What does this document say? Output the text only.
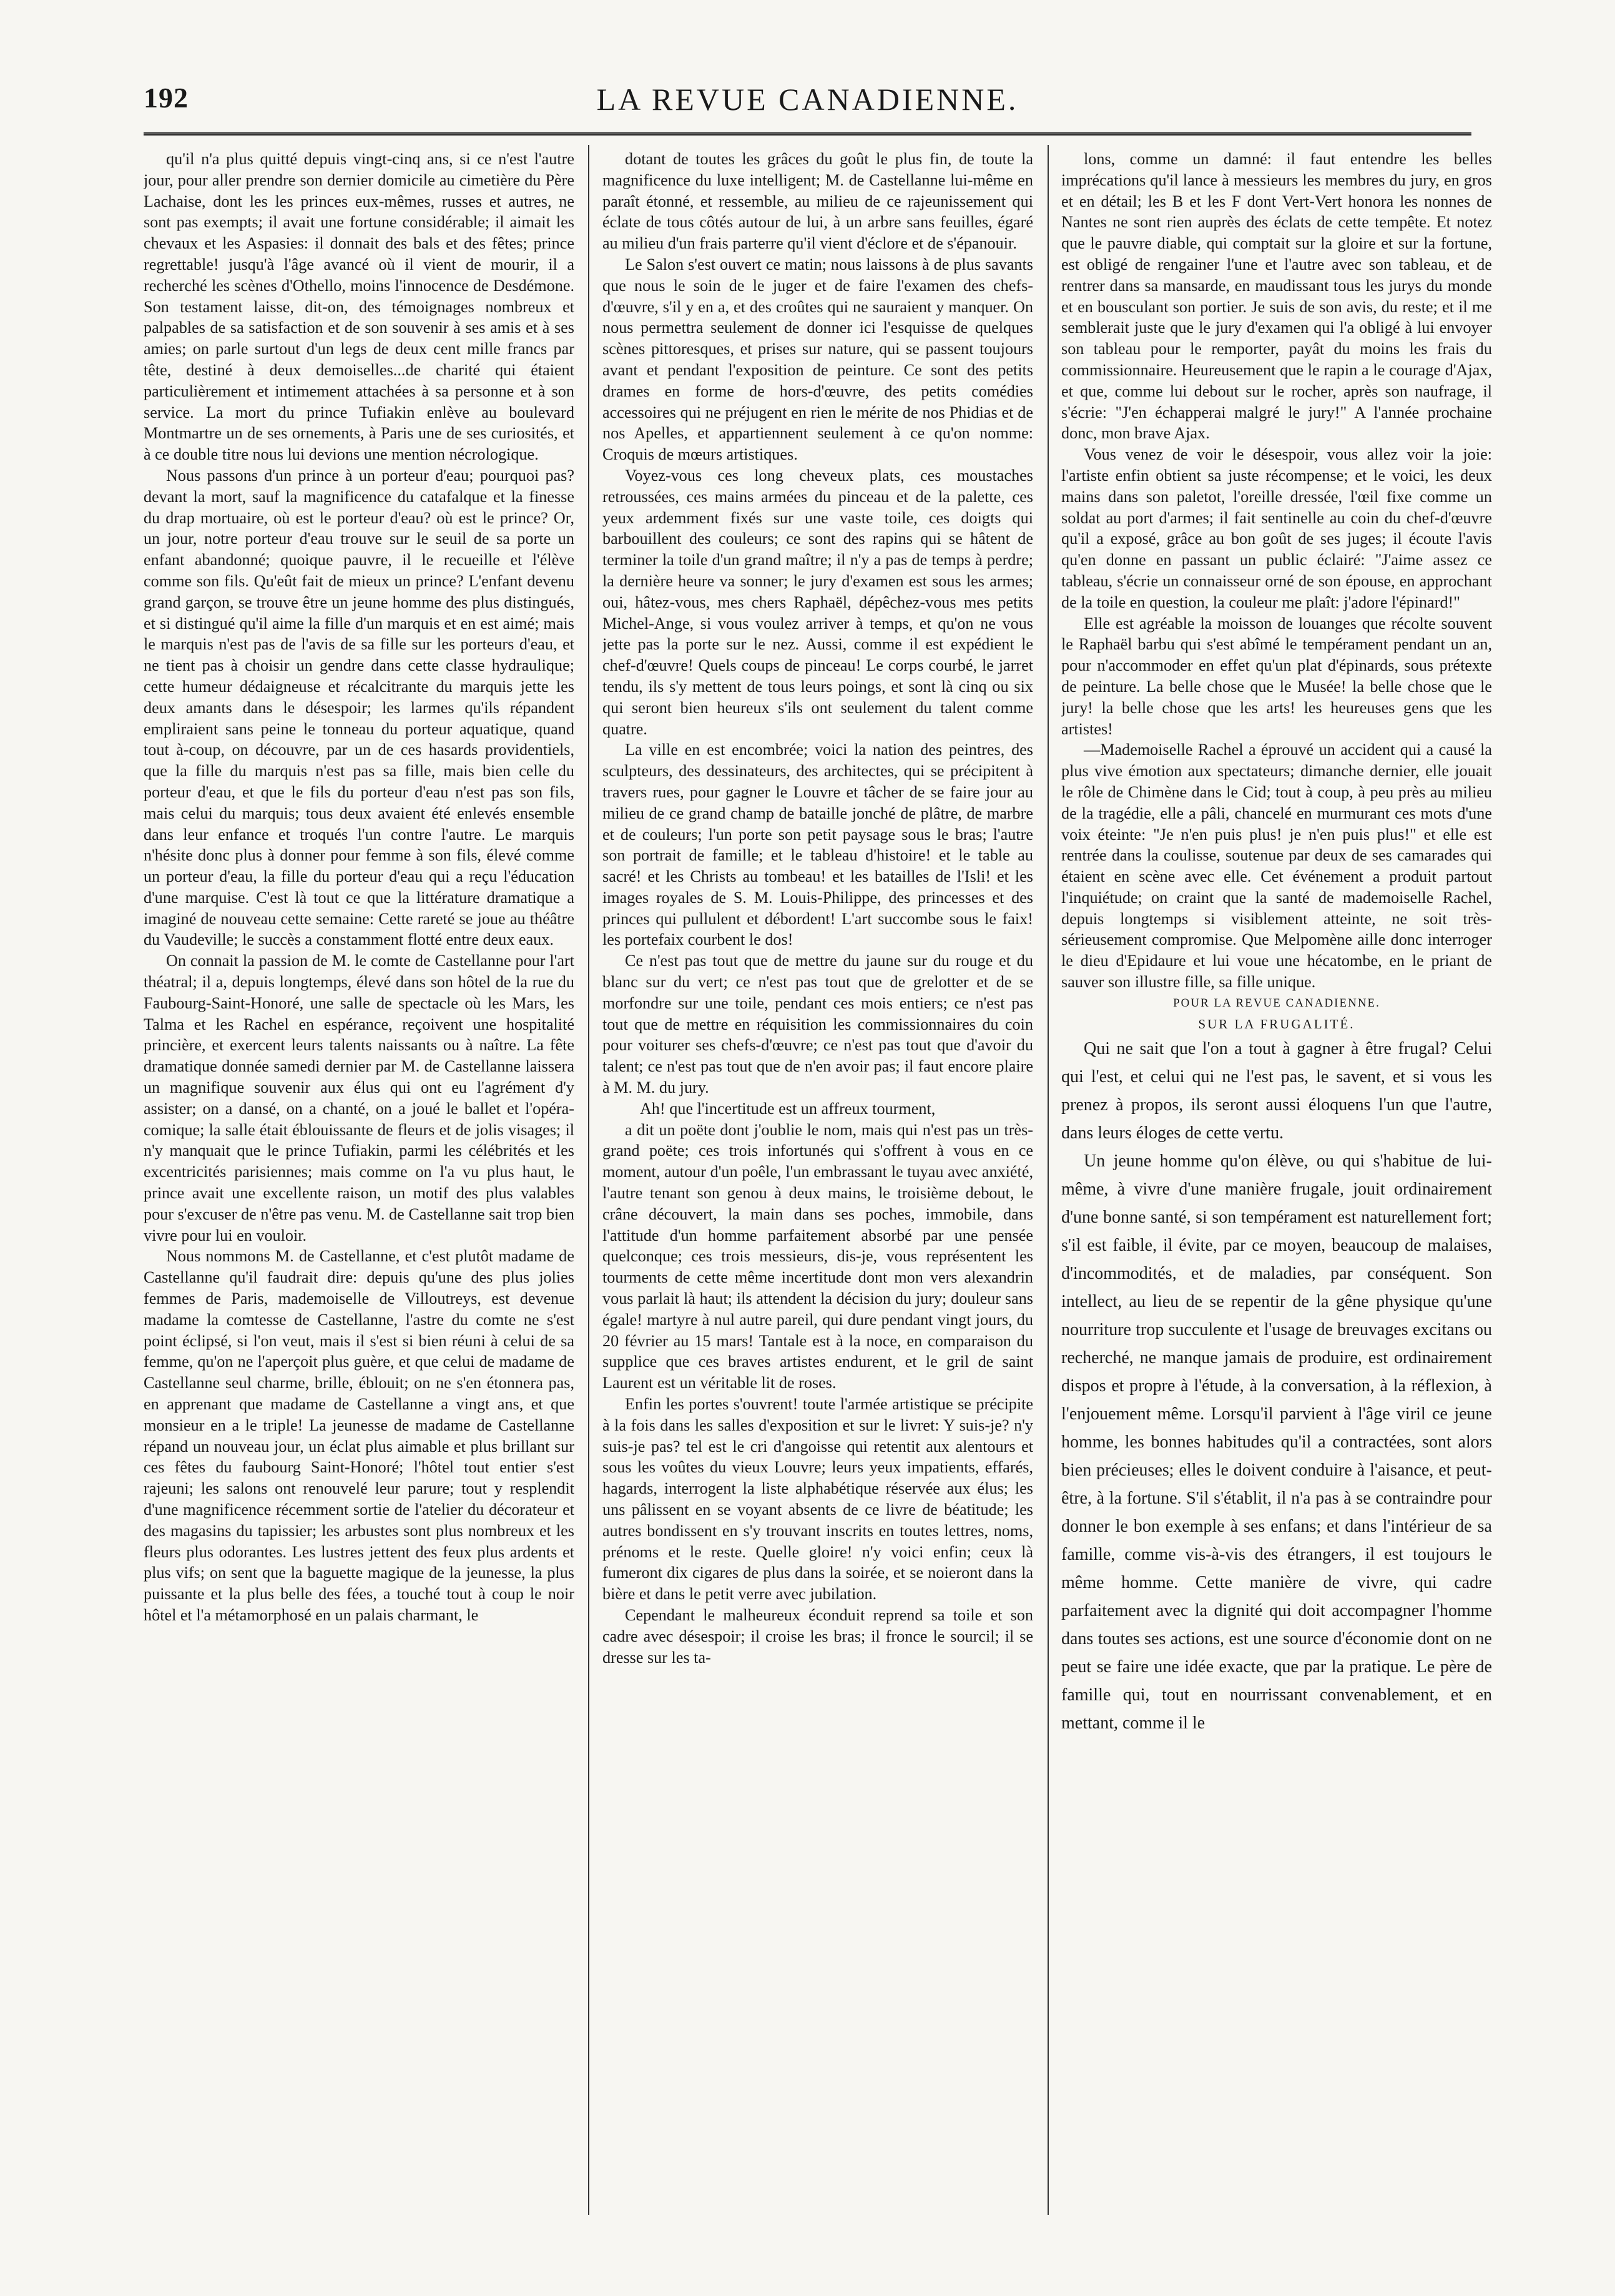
192	LA REVUE CANADIENNE.

qu'il n'a plus quitté depuis vingt-cinq ans, si ce n'est l'autre jour, pour aller prendre son dernier domicile au cimetière du Père Lachaise, dont les les princes eux-mêmes, russes et autres, ne sont pas exempts; il avait une fortune considérable; il aimait les chevaux et les Aspasies: il donnait des bals et des fêtes; prince regrettable! jusqu'à l'âge avancé où il vient de mourir, il a recherché les scènes d'Othello, moins l'innocence de Desdémone. Son testament laisse, dit-on, des témoignages nombreux et palpables de sa satisfaction et de son souvenir à ses amis et à ses amies; on parle surtout d'un legs de deux cent mille francs par tête, destiné à deux demoiselles...de charité qui étaient particulièrement et intimement attachées à sa personne et à son service. La mort du prince Tufiakin enlève au boulevard Montmartre un de ses ornements, à Paris une de ses curiosités, et à ce double titre nous lui devions une mention nécrologique.

Nous passons d'un prince à un porteur d'eau; pourquoi pas? devant la mort, sauf la magnificence du catafalque et la finesse du drap mortuaire, où est le porteur d'eau? où est le prince? Or, un jour, notre porteur d'eau trouve sur le seuil de sa porte un enfant abandonné; quoique pauvre, il le recueille et l'élève comme son fils. Qu'eût fait de mieux un prince? L'enfant devenu grand garçon, se trouve être un jeune homme des plus distingués, et si distingué qu'il aime la fille d'un marquis et en est aimé; mais le marquis n'est pas de l'avis de sa fille sur les porteurs d'eau, et ne tient pas à choisir un gendre dans cette classe hydraulique; cette humeur dédaigneuse et récalcitrante du marquis jette les deux amants dans le désespoir; les larmes qu'ils répandent empliraient sans peine le tonneau du porteur aquatique, quand tout à-coup, on découvre, par un de ces hasards providentiels, que la fille du marquis n'est pas sa fille, mais bien celle du porteur d'eau, et que le fils du porteur d'eau n'est pas son fils, mais celui du marquis; tous deux avaient été enlevés ensemble dans leur enfance et troqués l'un contre l'autre. Le marquis n'hésite donc plus à donner pour femme à son fils, élevé comme un porteur d'eau, la fille du porteur d'eau qui a reçu l'éducation d'une marquise. C'est là tout ce que la littérature dramatique a imaginé de nouveau cette semaine: Cette rareté se joue au théâtre du Vaudeville; le succès a constamment flotté entre deux eaux.

On connait la passion de M. le comte de Castellanne pour l'art théatral; il a, depuis longtemps, élevé dans son hôtel de la rue du Faubourg-Saint-Honoré, une salle de spectacle où les Mars, les Talma et les Rachel en espérance, reçoivent une hospitalité princière, et exercent leurs talents naissants ou à naître. La fête dramatique donnée samedi dernier par M. de Castellanne laissera un magnifique souvenir aux élus qui ont eu l'agrément d'y assister; on a dansé, on a chanté, on a joué le ballet et l'opéra-comique; la salle était éblouissante de fleurs et de jolis visages; il n'y manquait que le prince Tufiakin, parmi les célébrités et les excentricités parisiennes; mais comme on l'a vu plus haut, le prince avait une excellente raison, un motif des plus valables pour s'excuser de n'être pas venu. M. de Castellanne sait trop bien vivre pour lui en vouloir.

Nous nommons M. de Castellanne, et c'est plutôt madame de Castellanne qu'il faudrait dire: depuis qu'une des plus jolies femmes de Paris, mademoiselle de Villoutreys, est devenue madame la comtesse de Castellanne, l'astre du comte ne s'est point éclipsé, si l'on veut, mais il s'est si bien réuni à celui de sa femme, qu'on ne l'aperçoit plus guère, et que celui de madame de Castellanne seul charme, brille, éblouit; on ne s'en étonnera pas, en apprenant que madame de Castellanne a vingt ans, et que monsieur en a le triple! La jeunesse de madame de Castellanne répand un nouveau jour, un éclat plus aimable et plus brillant sur ces fêtes du faubourg Saint-Honoré; l'hôtel tout entier s'est rajeuni; les salons ont renouvelé leur parure; tout y resplendit d'une magnificence récemment sortie de l'atelier du décorateur et des magasins du tapissier; les arbustes sont plus nombreux et les fleurs plus odorantes. Les lustres jettent des feux plus ardents et plus vifs; on sent que la baguette magique de la jeunesse, la plus puissante et la plus belle des fées, a touché tout à coup le noir hôtel et l'a métamorphosé en un palais charmant, le

dotant de toutes les grâces du goût le plus fin, de toute la magnificence du luxe intelligent; M. de Castellanne lui-même en paraît étonné, et ressemble, au milieu de ce rajeunissement qui éclate de tous côtés autour de lui, à un arbre sans feuilles, égaré au milieu d'un frais parterre qu'il vient d'éclore et de s'épanouir.

Le Salon s'est ouvert ce matin; nous laissons à de plus savants que nous le soin de le juger et de faire l'examen des chefs-d'œuvre, s'il y en a, et des croûtes qui ne sauraient y manquer. On nous permettra seulement de donner ici l'esquisse de quelques scènes pittoresques, et prises sur nature, qui se passent toujours avant et pendant l'exposition de peinture. Ce sont des petits drames en forme de hors-d'œuvre, des petits comédies accessoires qui ne préjugent en rien le mérite de nos Phidias et de nos Apelles, et appartiennent seulement à ce qu'on nomme: Croquis de mœurs artistiques.

Voyez-vous ces long cheveux plats, ces moustaches retroussées, ces mains armées du pinceau et de la palette, ces yeux ardemment fixés sur une vaste toile, ces doigts qui barbouillent des couleurs; ce sont des rapins qui se hâtent de terminer la toile d'un grand maître; il n'y a pas de temps à perdre; la dernière heure va sonner; le jury d'examen est sous les armes; oui, hâtez-vous, mes chers Raphaël, dépêchez-vous mes petits Michel-Ange, si vous voulez arriver à temps, et qu'on ne vous jette pas la porte sur le nez. Aussi, comme il est expédient le chef-d'œuvre! Quels coups de pinceau! Le corps courbé, le jarret tendu, ils s'y mettent de tous leurs poings, et sont là cinq ou six qui seront bien heureux s'ils ont seulement du talent comme quatre.

La ville en est encombrée; voici la nation des peintres, des sculpteurs, des dessinateurs, des architectes, qui se précipitent à travers rues, pour gagner le Louvre et tâcher de se faire jour au milieu de ce grand champ de bataille jonché de plâtre, de marbre et de couleurs; l'un porte son petit paysage sous le bras; l'autre son portrait de famille; et le tableau d'histoire! et le table au sacré! et les Christs au tombeau! et les batailles de l'Isli! et les images royales de S. M. Louis-Philippe, des princesses et des princes qui pullulent et débordent! L'art succombe sous le faix! les portefaix courbent le dos!

Ce n'est pas tout que de mettre du jaune sur du rouge et du blanc sur du vert; ce n'est pas tout que de grelotter et de se morfondre sur une toile, pendant ces mois entiers; ce n'est pas tout que de mettre en réquisition les commissionnaires du coin pour voiturer ses chefs-d'œuvre; ce n'est pas tout que d'avoir du talent; ce n'est pas tout que de n'en avoir pas; il faut encore plaire à M. M. du jury.

Ah! que l'incertitude est un affreux tourment,

a dit un poëte dont j'oublie le nom, mais qui n'est pas un très-grand poëte; ces trois infortunés qui s'offrent à vous en ce moment, autour d'un poêle, l'un embrassant le tuyau avec anxiété, l'autre tenant son genou à deux mains, le troisième debout, le crâne découvert, la main dans ses poches, immobile, dans l'attitude d'un homme parfaitement absorbé par une pensée quelconque; ces trois messieurs, dis-je, vous représentent les tourments de cette même incertitude dont mon vers alexandrin vous parlait là haut; ils attendent la décision du jury; douleur sans égale! martyre à nul autre pareil, qui dure pendant vingt jours, du 20 février au 15 mars! Tantale est à la noce, en comparaison du supplice que ces braves artistes endurent, et le gril de saint Laurent est un véritable lit de roses.

Enfin les portes s'ouvrent! toute l'armée artistique se précipite à la fois dans les salles d'exposition et sur le livret: Y suis-je? n'y suis-je pas? tel est le cri d'angoisse qui retentit aux alentours et sous les voûtes du vieux Louvre; leurs yeux impatients, effarés, hagards, interrogent la liste alphabétique réservée aux élus; les uns pâlissent en se voyant absents de ce livre de béatitude; les autres bondissent en s'y trouvant inscrits en toutes lettres, noms, prénoms et le reste. Quelle gloire! n'y voici enfin; ceux là fumeront dix cigares de plus dans la soirée, et se noieront dans la bière et dans le petit verre avec jubilation.

Cependant le malheureux éconduit reprend sa toile et son cadre avec désespoir; il croise les bras; il fronce le sourcil; il se dresse sur les ta-

lons, comme un damné: il faut entendre les belles imprécations qu'il lance à messieurs les membres du jury, en gros et en détail; les B et les F dont Vert-Vert honora les nonnes de Nantes ne sont rien auprès des éclats de cette tempête. Et notez que le pauvre diable, qui comptait sur la gloire et sur la fortune, est obligé de rengainer l'une et l'autre avec son tableau, et de rentrer dans sa mansarde, en maudissant tous les jurys du monde et en bousculant son portier. Je suis de son avis, du reste; et il me semblerait juste que le jury d'examen qui l'a obligé à lui envoyer son tableau pour le remporter, payât du moins les frais du commissionnaire. Heureusement que le rapin a le courage d'Ajax, et que, comme lui debout sur le rocher, après son naufrage, il s'écrie: "J'en échapperai malgré le jury!" A l'année prochaine donc, mon brave Ajax.

Vous venez de voir le désespoir, vous allez voir la joie: l'artiste enfin obtient sa juste récompense; et le voici, les deux mains dans son paletot, l'oreille dressée, l'œil fixe comme un soldat au port d'armes; il fait sentinelle au coin du chef-d'œuvre qu'il a exposé, grâce au bon goût de ses juges; il écoute l'avis qu'en donne en passant un public éclairé: "J'aime assez ce tableau, s'écrie un connaisseur orné de son épouse, en approchant de la toile en question, la couleur me plaît: j'adore l'épinard!"

Elle est agréable la moisson de louanges que récolte souvent le Raphaël barbu qui s'est abîmé le tempérament pendant un an, pour n'accommoder en effet qu'un plat d'épinards, sous prétexte de peinture. La belle chose que le Musée! la belle chose que le jury! la belle chose que les arts! les heureuses gens que les artistes!

—Mademoiselle Rachel a éprouvé un accident qui a causé la plus vive émotion aux spectateurs; dimanche dernier, elle jouait le rôle de Chimène dans le Cid; tout à coup, à peu près au milieu de la tragédie, elle a pâli, chancelé en murmurant ces mots d'une voix éteinte: "Je n'en puis plus! je n'en puis plus!" et elle est rentrée dans la coulisse, soutenue par deux de ses camarades qui étaient en scène avec elle. Cet événement a produit partout l'inquiétude; on craint que la santé de mademoiselle Rachel, depuis longtemps si visiblement atteinte, ne soit très-sérieusement compromise. Que Melpomène aille donc interroger le dieu d'Epidaure et lui voue une hécatombe, en le priant de sauver son illustre fille, sa fille unique.

POUR LA REVUE CANADIENNE.

SUR LA FRUGALITÉ.

Qui ne sait que l'on a tout à gagner à être frugal? Celui qui l'est, et celui qui ne l'est pas, le savent, et si vous les prenez à propos, ils seront aussi éloquens l'un que l'autre, dans leurs éloges de cette vertu.

Un jeune homme qu'on élève, ou qui s'habitue de lui-même, à vivre d'une manière frugale, jouit ordinairement d'une bonne santé, si son tempérament est naturellement fort; s'il est faible, il évite, par ce moyen, beaucoup de malaises, d'incommodités, et de maladies, par conséquent. Son intellect, au lieu de se repentir de la gêne physique qu'une nourriture trop succulente et l'usage de breuvages excitans ou recherché, ne manque jamais de produire, est ordinairement dispos et propre à l'étude, à la conversation, à la réflexion, à l'enjouement même. Lorsqu'il parvient à l'âge viril ce jeune homme, les bonnes habitudes qu'il a contractées, sont alors bien précieuses; elles le doivent conduire à l'aisance, et peut-être, à la fortune. S'il s'établit, il n'a pas à se contraindre pour donner le bon exemple à ses enfans; et dans l'intérieur de sa famille, comme vis-à-vis des étrangers, il est toujours le même homme. Cette manière de vivre, qui cadre parfaitement avec la dignité qui doit accompagner l'homme dans toutes ses actions, est une source d'économie dont on ne peut se faire une idée exacte, que par la pratique. Le père de famille qui, tout en nourrissant convenablement, et en mettant, comme il le
